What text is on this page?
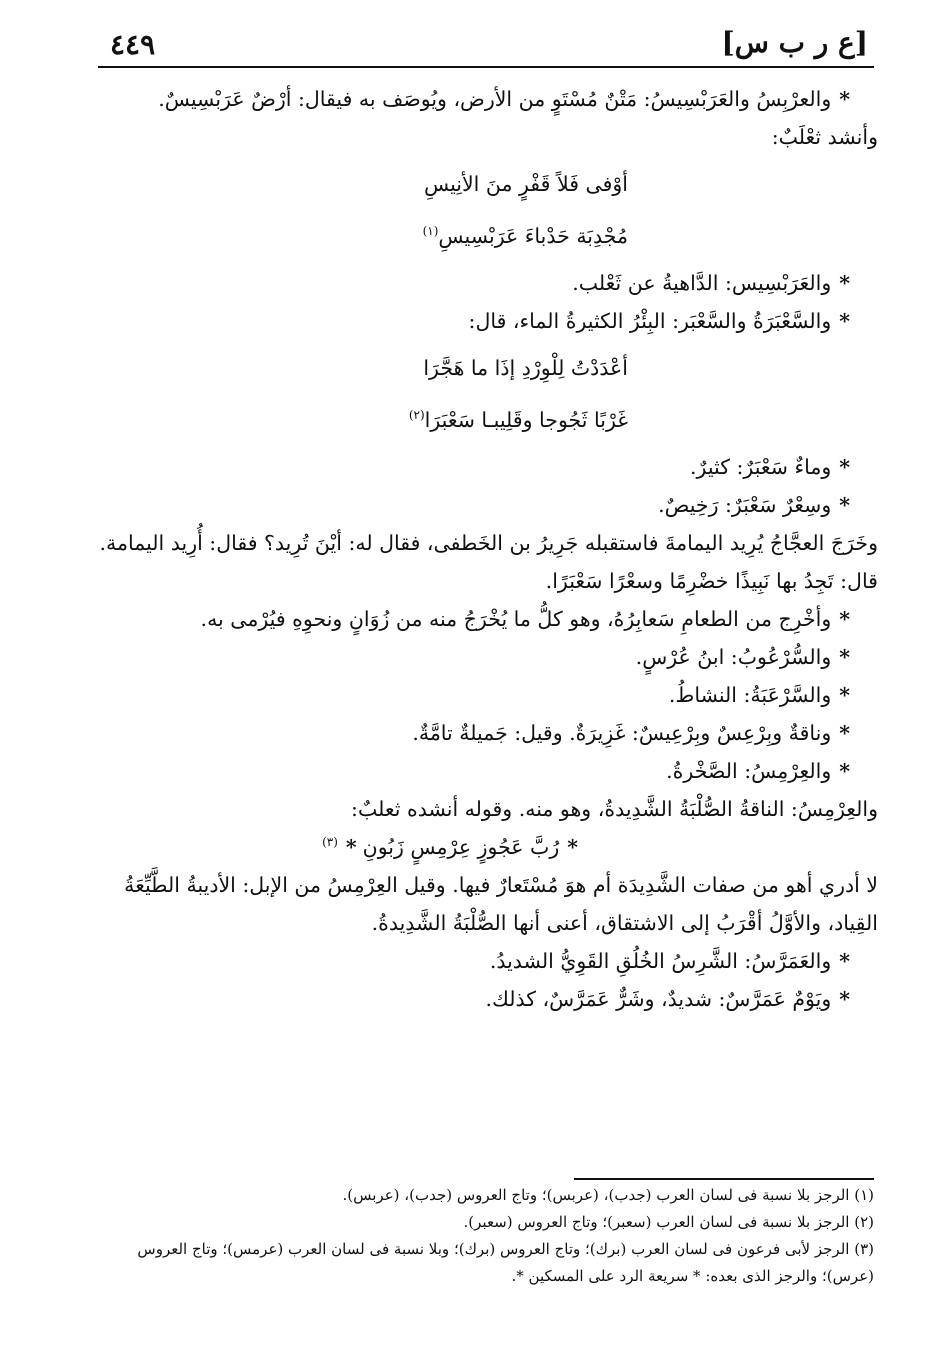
٤٤٩	[ع ر ب س]

*والعرْبِسُ والعَرَبْسِيسُ: مَتْنٌ مُسْتَوٍ من الأرض، ويُوصَف به فيقال: أرْضٌ عَرَبْسِيسٌ.

وأنشد ثعْلَبٌ:

أوْفى فَلاً قَفْرٍ منَ الأنِيسِ

مُجْدِبَة حَدْباءَ عَرَبْسِيسِ$^{(١)}$

*والعَرَبْسِيس: الدَّاهيةُ عن ثَعْلب.

*والسَّعْبَرَةُ والسَّعْبَر: البِئْرُ الكثيرةُ الماء، قال:

أعْدَدْتُ لِلْوِرْدِ إذَا ما هَجَّرَا

غَرْبًا ثَجُوجا وقَلِيبـا سَعْبَرَا$^{(٢)}$

*وماءٌ سَعْبَرٌ: كثيرٌ.

*وسِعْرٌ سَعْبَرٌ: رَخِيصٌ.

وخَرَجَ العجَّاجُ يُرِيد اليمامةَ فاستقبله جَرِيرُ بن الخَطفى، فقال له: أيْنَ تُرِيد؟ فقال: أُرِيد اليمامة. قال: تَجِدُ بها نَبِيذًا خضْرِمًا وسعْرًا سَعْبَرًا.

*وأخْرِج من الطعامِ سَعابِرُهُ، وهو كلُّ ما يُخْرَجُ منه من زُوَانٍ ونحوِهِ فيُرْمى به.

*والسُّرْعُوبُ: ابنُ عُرْسٍ.

*والسَّرْعَبَةُ: النشاطُ.

*وناقةٌ وبِرْعِسٌ وبِرْعِيسٌ: غَزِيرَةٌ. وقيل: جَميلةٌ تامَّةٌ.

*والعِرْمِسُ: الصَّخْرةُ.

والعِرْمِسُ: الناقةُ الصُّلْبَةُ الشَّدِيدةُ، وهو منه. وقوله أنشده ثعلبٌ:

*رُبَّ عَجُوزٍ عِرْمِسٍ زَبُونِ*$^{(٣)}$

لا أدري أهو من صفات الشَّدِيدَة أم هوَ مُسْتَعارٌ فيها. وقيل العِرْمِسُ من الإبل: الأديبةُ الطَّيِّعَةُ القِياد، والأوَّلُ أقْرَبُ إلى الاشتقاق، أعنى أنها الصُّلْبَةُ الشَّدِيدةُ.

*والعَمَرَّسُ: الشَّرِسُ الخُلُقِ القَوِيُّ الشديدُ.

*ويَوْمٌ عَمَرَّسٌ: شديدٌ، وشَرٌّ عَمَرَّسٌ، كذلك.

(١) الرجز بلا نسبة فى لسان العرب (جدب)، (عربس)؛ وتاج العروس (جدب)، (عربس).

(٢) الرجز بلا نسبة فى لسان العرب (سعبر)؛ وتاج العروس (سعبر).

(٣) الرجز لأبى فرعون فى لسان العرب (برك)؛ وتاج العروس (برك)؛ وبلا نسبة فى لسان العرب (عرمس)؛ وتاج العروس (عرس)؛ والرجز الذى بعده: * سريعة الرد على المسكين *.
